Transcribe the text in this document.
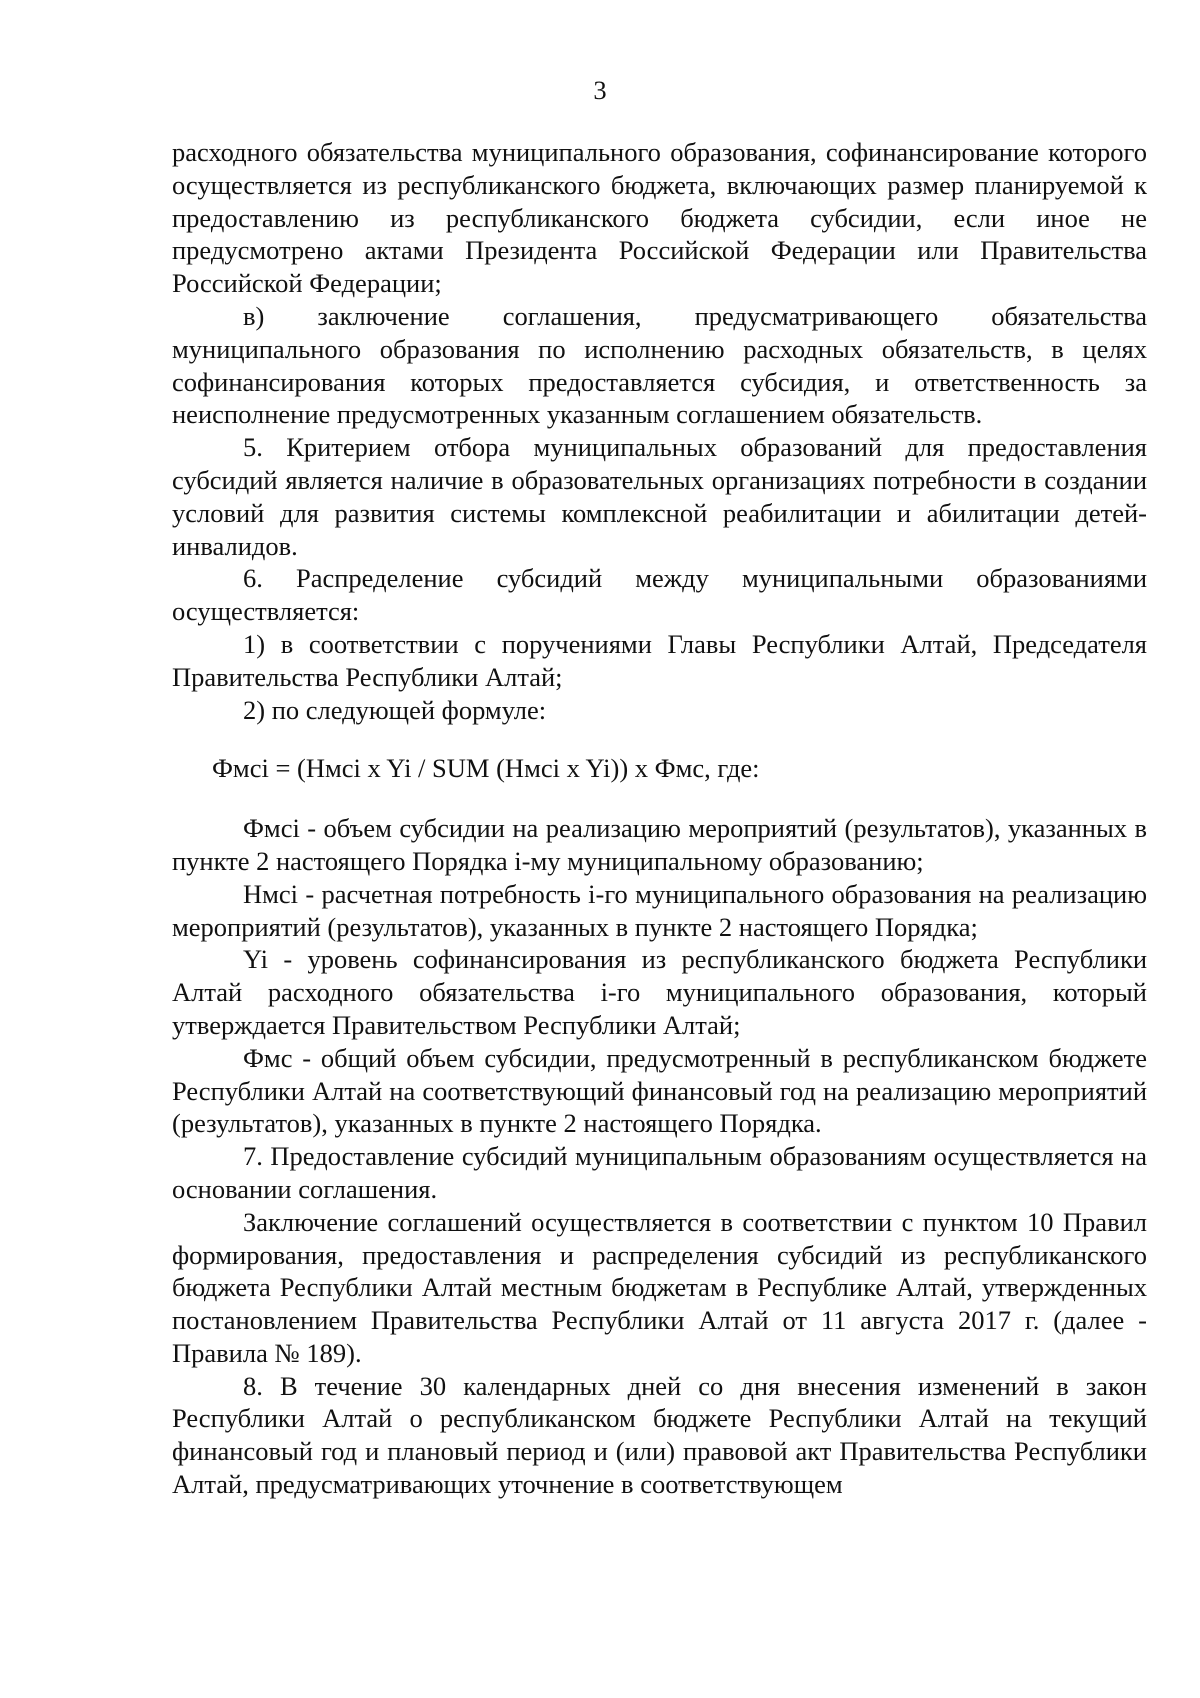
3

расходного обязательства муниципального образования, софинансирование которого осуществляется из республиканского бюджета, включающих размер планируемой к предоставлению из республиканского бюджета субсидии, если иное не предусмотрено актами Президента Российской Федерации или Правительства Российской Федерации;

в) заключение соглашения, предусматривающего обязательства муниципального образования по исполнению расходных обязательств, в целях софинансирования которых предоставляется субсидия, и ответственность за неисполнение предусмотренных указанным соглашением обязательств.

5. Критерием отбора муниципальных образований для предоставления субсидий является наличие в образовательных организациях потребности в создании условий для развития системы комплексной реабилитации и абилитации детей-инвалидов.

6. Распределение субсидий между муниципальными образованиями осуществляется:

1) в соответствии с поручениями Главы Республики Алтай, Председателя Правительства Республики Алтай;

2) по следующей формуле:

Фмсi = (Нмсi x Yi / SUM (Нмсi x Yi)) x Фмс, где:

Фмсi - объем субсидии на реализацию мероприятий (результатов), указанных в пункте 2 настоящего Порядка i-му муниципальному образованию;

Нмсi - расчетная потребность i-го муниципального образования на реализацию мероприятий (результатов), указанных в пункте 2 настоящего Порядка;

Yi - уровень софинансирования из республиканского бюджета Республики Алтай расходного обязательства i-го муниципального образования, который утверждается Правительством Республики Алтай;

Фмс - общий объем субсидии, предусмотренный в республиканском бюджете Республики Алтай на соответствующий финансовый год на реализацию мероприятий (результатов), указанных в пункте 2 настоящего Порядка.

7. Предоставление субсидий муниципальным образованиям осуществляется на основании соглашения.

Заключение соглашений осуществляется в соответствии с пунктом 10 Правил формирования, предоставления и распределения субсидий из республиканского бюджета Республики Алтай местным бюджетам в Республике Алтай, утвержденных постановлением Правительства Республики Алтай от 11 августа 2017 г. (далее - Правила № 189).

8. В течение 30 календарных дней со дня внесения изменений в закон Республики Алтай о республиканском бюджете Республики Алтай на текущий финансовый год и плановый период и (или) правовой акт Правительства Республики Алтай, предусматривающих уточнение в соответствующем
